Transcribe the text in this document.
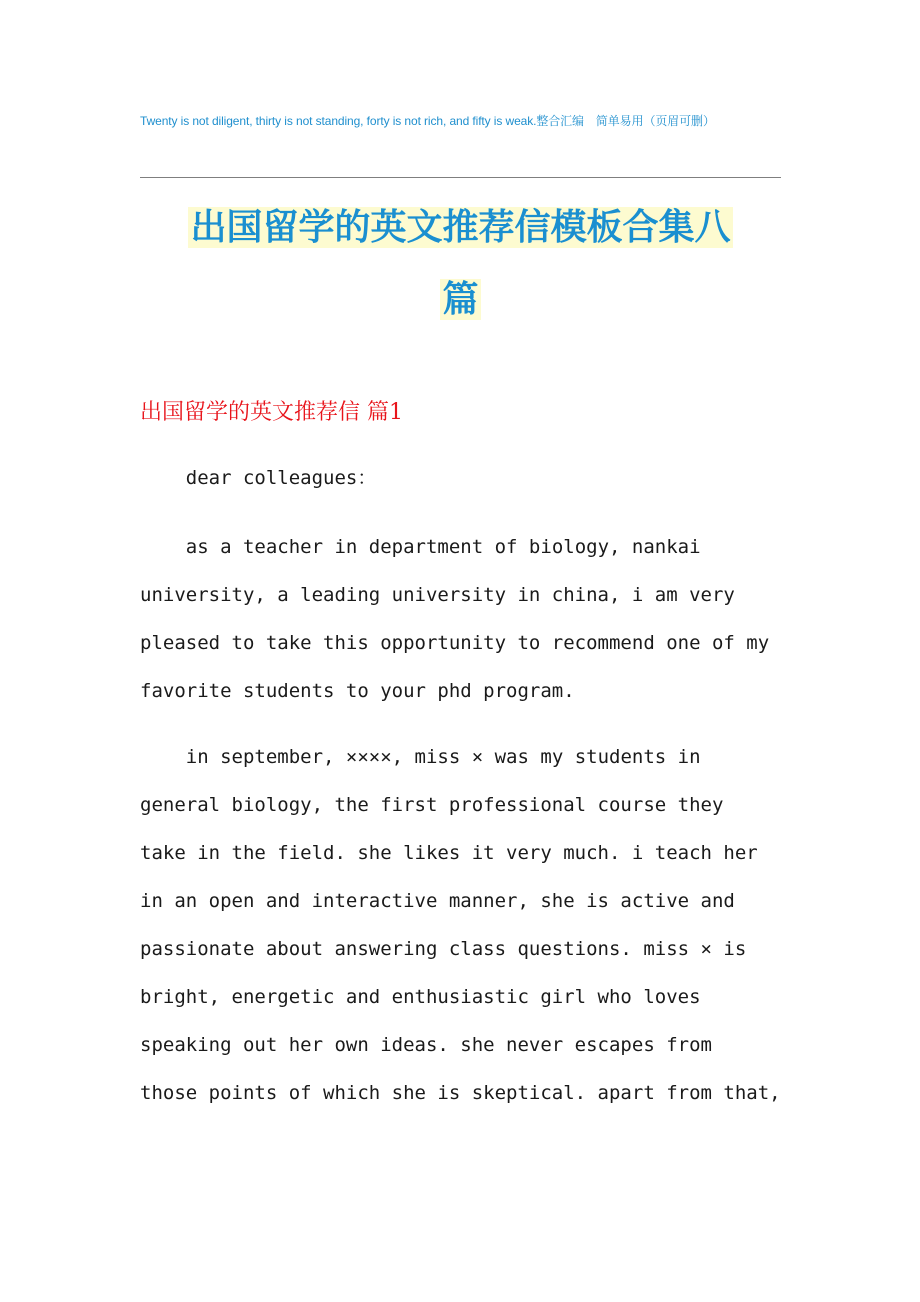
Twenty is not diligent, thirty is not standing, forty is not rich, and fifty is weak.整合汇编　简单易用（页眉可删）
出国留学的英文推荐信模板合集八
篇
出国留学的英文推荐信 篇1

dear colleagues：

as a teacher in department of biology, nankai
university, a leading university in china, i am very
pleased to take this opportunity to recommend one of my
favorite students to your phd program.

in september, ××××, miss × was my students in
general biology, the first professional course they
take in the field. she likes it very much. i teach her
in an open and interactive manner, she is active and
passionate about answering class questions. miss × is
bright, energetic and enthusiastic girl who loves
speaking out her own ideas. she never escapes from
those points of which she is skeptical. apart from that,
